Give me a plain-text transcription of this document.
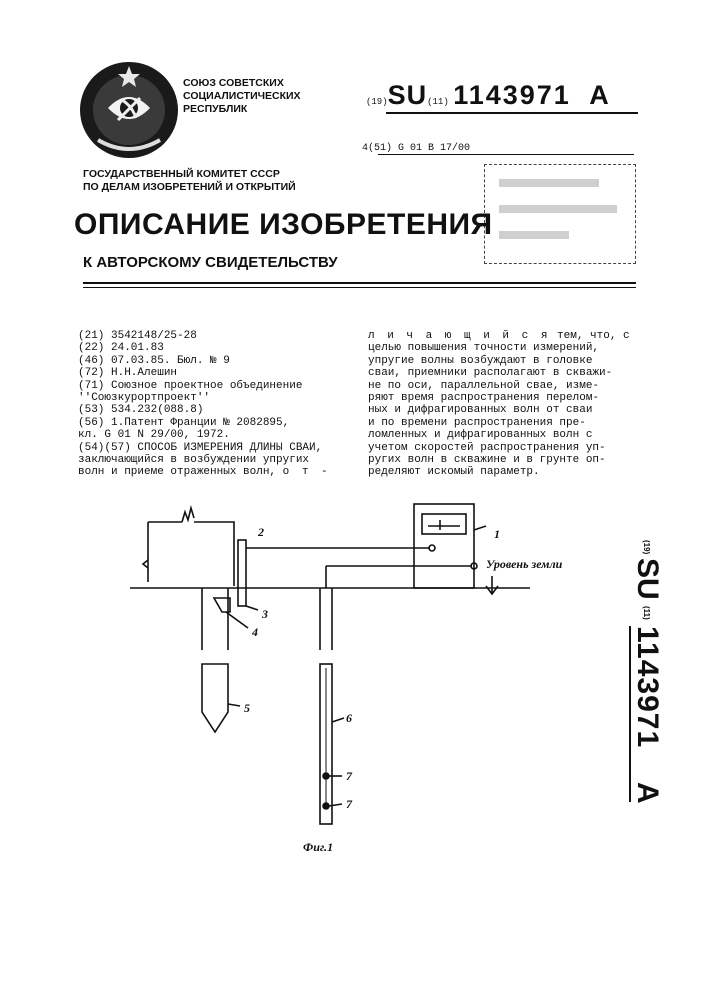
СОЮЗ СОВЕТСКИХ
СОЦИАЛИСТИЧЕСКИХ
РЕСПУБЛИК
(19)SU(11) 1143971 A
4(51) G 01 B 17/00
ГОСУДАРСТВЕННЫЙ КОМИТЕТ СССР
ПО ДЕЛАМ ИЗОБРЕТЕНИЙ И ОТКРЫТИЙ
ОПИСАНИЕ ИЗОБРЕТЕНИЯ
К АВТОРСКОМУ СВИДЕТЕЛЬСТВУ
(21) 3542148/25-28
(22) 24.01.83
(46) 07.03.85. Бюл. № 9
(72) Н.Н.Алешин
(71) Союзное проектное объединение
''Союзкурортпроект''
(53) 534.232(088.8)
(56) 1.Патент Франции № 2082895,
кл. G 01 N 29/00, 1972.
(54)(57) СПОСОБ ИЗМЕРЕНИЯ ДЛИНЫ СВАИ,
заключающийся в возбуждении упругих
волн и приеме отраженных волн, о т -
л и ч а ю щ и й с я тем, что, с
целью повышения точности измерений,
упругие волны возбуждают в головке
сваи, приемники располагают в скважи-
не по оси, параллельной свае, изме-
ряют время распространения перелом-
ных и дифрагированных волн от сваи
и по времени распространения пре-
ломленных и дифрагированных волн с
учетом скоростей распространения уп-
ругих волн в скважине и в грунте оп-
ределяют искомый параметр.
2	1
3
4
5
6
7
7
Уровень земли
Фиг.1
(19)
SU
(11)
1143971
A
